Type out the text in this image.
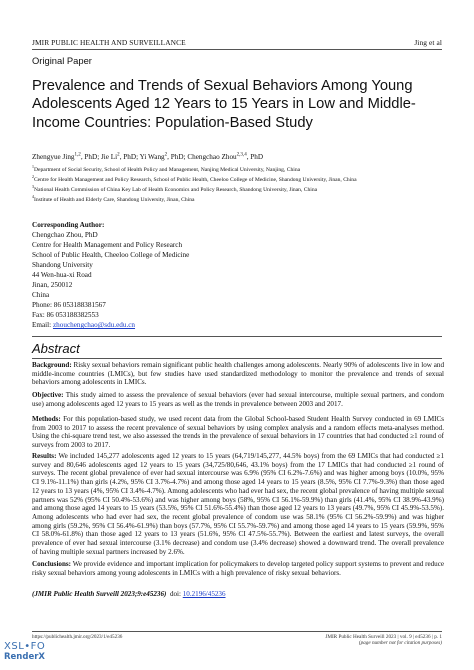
JMIR PUBLIC HEALTH AND SURVEILLANCE	Jing et al
Original Paper
Prevalence and Trends of Sexual Behaviors Among Young Adolescents Aged 12 Years to 15 Years in Low and Middle-Income Countries: Population-Based Study
Zhengyue Jing$^{1,2}$, PhD; Jie Li$^2$, PhD; Yi Wang$^2$, PhD; Chengchao Zhou$^{2,3,4}$, PhD
$^1$Department of Social Security, School of Health Policy and Management, Nanjing Medical University, Nanjing, China
$^2$Centre for Health Management and Policy Research, School of Public Health, Cheeloo College of Medicine, Shandong University, Jinan, China
$^3$National Health Commission of China Key Lab of Health Economics and Policy Research, Shandong University, Jinan, China
$^4$Institute of Health and Elderly Care, Shandong University, Jinan, China
Corresponding Author:
Chengchao Zhou, PhD
Centre for Health Management and Policy Research
School of Public Health, Cheeloo College of Medicine
Shandong University
44 Wen-hua-xi Road
Jinan, 250012
China
Phone: 86 053188381567
Fax: 86 05318838​2553
Email: zhouchengchao@sdu.edu.cn
Abstract
Background: Risky sexual behaviors remain significant public health challenges among adolescents. Nearly 90% of adolescents live in low and middle-income countries (LMICs), but few studies have used standardized methodology to monitor the prevalence and trends of sexual behaviors among adolescents in LMICs.
Objective: This study aimed to assess the prevalence of sexual behaviors (ever had sexual intercourse, multiple sexual partners, and condom use) among adolescents aged 12 years to 15 years as well as the trends in prevalence between 2003 and 2017.
Methods: For this population-based study, we used recent data from the Global School-based Student Health Survey conducted in 69 LMICs from 2003 to 2017 to assess the recent prevalence of sexual behaviors by using complex analysis and a random effects meta-analyses method. Using the chi-square trend test, we also assessed the trends in the prevalence of sexual behaviors in 17 countries that had conducted ≥1 round of surveys from 2003 to 2017.
Results: We included 145,277 adolescents aged 12 years to 15 years (64,719/145,277, 44.5% boys) from the 69 LMICs that had conducted ≥1 survey and 80,646 adolescents aged 12 years to 15 years (34,725/80,646, 43.1% boys) from the 17 LMICs that had conducted ≥1 round of surveys. The recent global prevalence of ever had sexual intercourse was 6.9% (95% CI 6.2%-7.6%) and was higher among boys (10.0%, 95% CI 9.1%-11.1%) than girls (4.2%, 95% CI 3.7%-4.7%) and among those aged 14 years to 15 years (8.5%, 95% CI 7.7%-9.3%) than those aged 12 years to 13 years (4%, 95% CI 3.4%-4.7%). Among adolescents who had ever had sex, the recent global prevalence of having multiple sexual partners was 52% (95% CI 50.4%-53.6%) and was higher among boys (58%, 95% CI 56.1%-59.9%) than girls (41.4%, 95% CI 38.9%-43.9%) and among those aged 14 years to 15 years (53.5%, 95% CI 51.6%-55.4%) than those aged 12 years to 13 years (49.7%, 95% CI 45.9%-53.5%). Among adolescents who had ever had sex, the recent global prevalence of condom use was 58.1% (95% CI 56.2%-59.9%) and was higher among girls (59.2%, 95% CI 56.4%-61.9%) than boys (57.7%, 95% CI 55.7%-59.7%) and among those aged 14 years to 15 years (59.9%, 95% CI 58.0%-61.8%) than those aged 12 years to 13 years (51.6%, 95% CI 47.5%-55.7%). Between the earliest and latest surveys, the overall prevalence of ever had sexual intercourse (3.1% decrease) and condom use (3.4% decrease) showed a downward trend. The overall prevalence of having multiple sexual partners increased by 2.6%.
Conclusions: We provide evidence and important implication for policymakers to develop targeted policy support systems to prevent and reduce risky sexual behaviors among young adolescents in LMICs with a high prevalence of risky sexual behaviors.
(JMIR Public Health Surveill 2023;9:e45236) doi: 10.2196/45236
https://publichealth.jmir.org/2023/1/e45236	JMIR Public Health Surveill 2023 | vol. 9 | e45236 | p. 1
(page number not for citation purposes)
XSL•FO
RenderX
